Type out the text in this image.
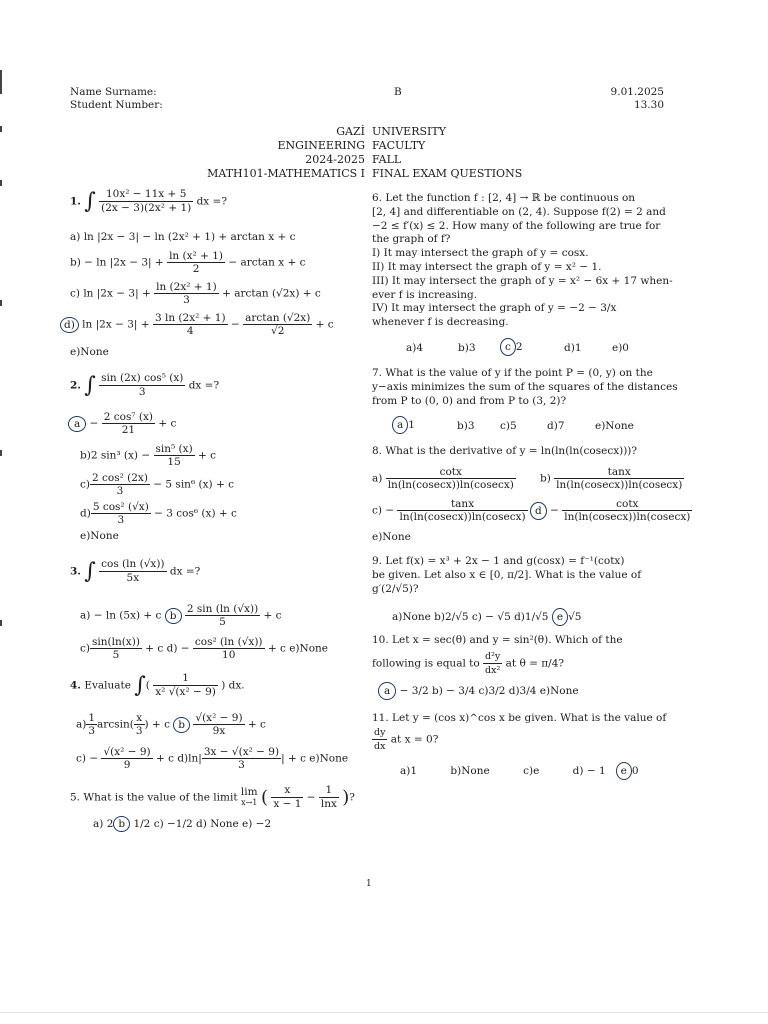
Name Surname:
Student Number:
B	9.01.2025
13.30
GAZİ
ENGINEERING
2024-2025
MATH101-MATHEMATICS I
UNIVERSITY
FACULTY
FALL
FINAL EXAM QUESTIONS
1. ∫ $\frac{\text{10x² − 11x + 5}}{\text{(2x − 3)(2x² + 1)}}$ dx =?
a) ln |2x − 3| − ln (2x² + 1) + arctan x + c
$b) - \ln |2x - 3| + \frac{\text{ln (x² + 1)}}{2} - \arctan x + c$
c) $\ln |2x - 3| + \frac{\text{ln (2x² + 1)}}{3} + \arctan (√2x) + c$
d) $\ln |2x - 3| + \frac{\text{3 ln (2x² + 1)}}{4} - \frac{\arctan (√2x)}{√2} + c$
e)None
2. ∫ $\frac{\text{sin (2x) cos⁵ (x)}}{3}$ dx =?
$a - \frac{\text{2 cos⁷ (x)}}{21} + c$
b)2 sin³ $(x) - \frac{\text{sin⁵ (x)}}{15} + c$
$c) \frac{\text{2 cos² (2x)}}{3} - 5$ sin⁶ (x) + c
$d) \frac{\text{5 cos² (√x)}}{3} - 3$ cos⁶ (x) + c
e)None
3. ∫ $\frac{\cos (\ln (√x))}{5x}$ dx =?
a) − ln (5x) + c b $\frac{2 \sin (\ln (√x))}{5} + c$
$c) \frac{\sin(\ln(x))}{5} + c$ $d) - \frac{\text{cos² (ln (√x))}}{10} + c$ e)None
4. Evaluate ∫( $\frac{1}{\text{x² √(x² − 9)}}$ ) dx.
$a) \frac{1}{3} \arcsin( \frac{x}{3}$ ) + c b $\frac{\text{√(x² − 9)}}{9x} + c$
$c) - \frac{\text{√(x² − 9)}}{9} + c$ $d)\ln| \frac{\text{3x − √(x² − 9)}}{3}$ | + c e)None
5. What is the value of the limit lim
x→1 ( $\frac{x}{x - 1} - \frac{1}{\ln x}$ )?
a) 2 b 1/2 c) −1/2 d) None e) −2
6. Let the function f : [2, 4] → ℝ be continuous on
[2, 4] and differentiable on (2, 4). Suppose f(2) = 2 and
−2 ≤ f′(x) ≤ 2. How many of the following are true for
the graph of f?
I) It may intersect the graph of y = cosx.
II) It may intersect the graph of y = x² − 1.
III) It may intersect the graph of y = x² − 6x + 17 when-
ever f is increasing.
IV) It may intersect the graph of y = −2 − 3/x
whenever f is decreasing.
a)4	b)3	c 2	d)1	e)0
7. What is the value of y if the point P = (0, y) on the
y−axis minimizes the sum of the squares of the distances
from P to (0, 0) and from P to (3, 2)?
a 1	b)3 c)5	d)7	e)None
8. What is the derivative of y = ln(ln(ln(cosecx)))?
$a) \frac{\cot x}{\ln(\ln(cosecx))\ln(cosecx)} b) \frac{\tan x}{\ln(\ln(cosecx))\ln(cosecx)}$
$c) - \frac{\tan x}{\ln(\ln(cosecx))\ln(cosecx)}$ $d - \frac{\cot x}{\ln(\ln(cosecx))\ln(cosecx)}$
e)None
9. Let f(x) = x³ + 2x − 1 and g(cosx) = f⁻¹(cotx)
be given. Let also x ∈ [0, π/2]. What is the value of
g′(2/√5)?
a)None b)2/√5 c) − √5 d)1/√5 e √5
10. Let x = sec(θ) and y = sin²(θ). Which of the
following is equal to $\frac{\text{d²y}}{\text{dx²}}$ at θ = π/4?
a − 3/2 b) − 3/4 c)3/2 d)3/4 e)None
11. Let y = (cos x)^cos x be given. What is the value of
$\frac{dy}{dx}$ at x = 0?
a)1          b)None          c)e          d) − 1 e 0
1
